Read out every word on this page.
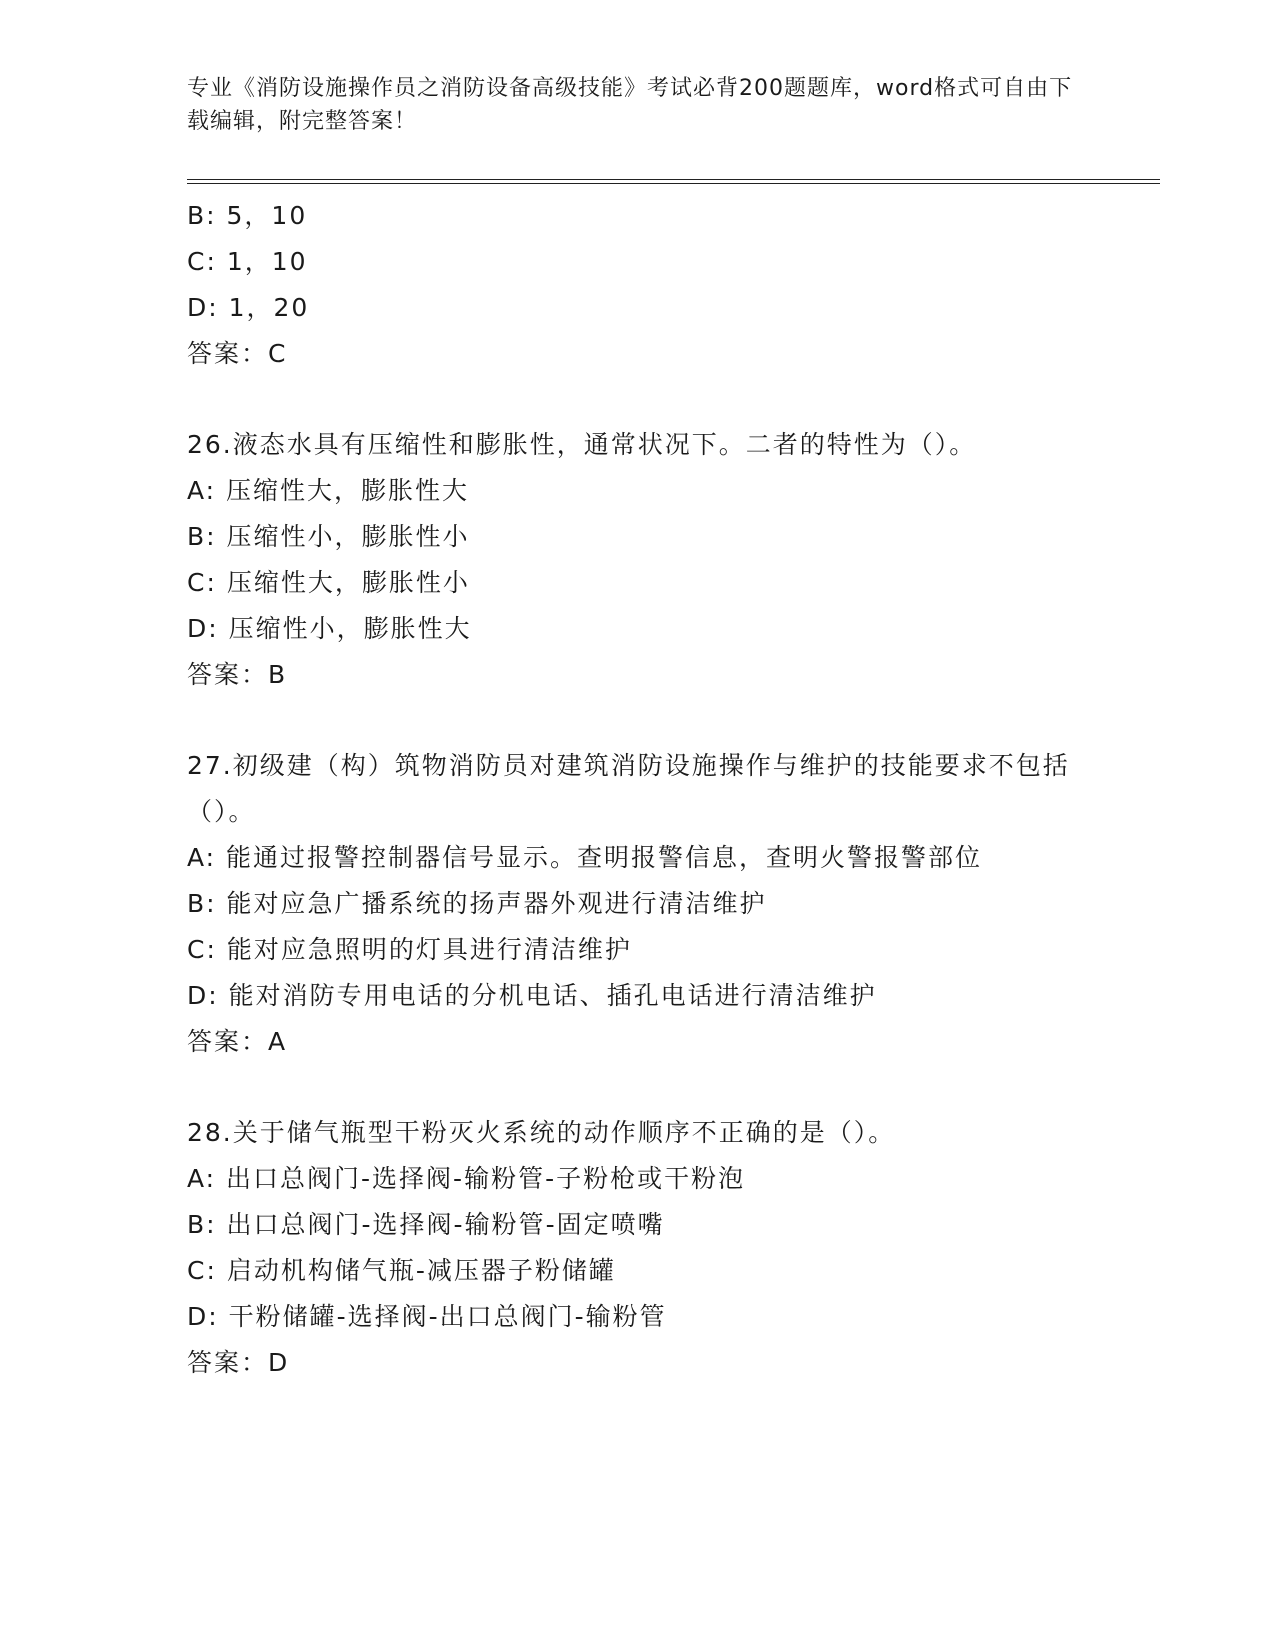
专业《消防设施操作员之消防设备高级技能》考试必背200题题库，word格式可自由下载编辑，附完整答案！
B: 5，10
C: 1，10
D: 1，20
答案：C
26.液态水具有压缩性和膨胀性，通常状况下。二者的特性为（）。
A: 压缩性大，膨胀性大
B: 压缩性小，膨胀性小
C: 压缩性大，膨胀性小
D: 压缩性小，膨胀性大
答案：B
27.初级建（构）筑物消防员对建筑消防设施操作与维护的技能要求不包括（）。
A: 能通过报警控制器信号显示。查明报警信息，查明火警报警部位
B: 能对应急广播系统的扬声器外观进行清洁维护
C: 能对应急照明的灯具进行清洁维护
D: 能对消防专用电话的分机电话、插孔电话进行清洁维护
答案：A
28.关于储气瓶型干粉灭火系统的动作顺序不正确的是（）。
A: 出口总阀门-选择阀-输粉管-子粉枪或干粉泡
B: 出口总阀门-选择阀-输粉管-固定喷嘴
C: 启动机构储气瓶-减压器子粉储罐
D: 干粉储罐-选择阀-出口总阀门-输粉管
答案：D
